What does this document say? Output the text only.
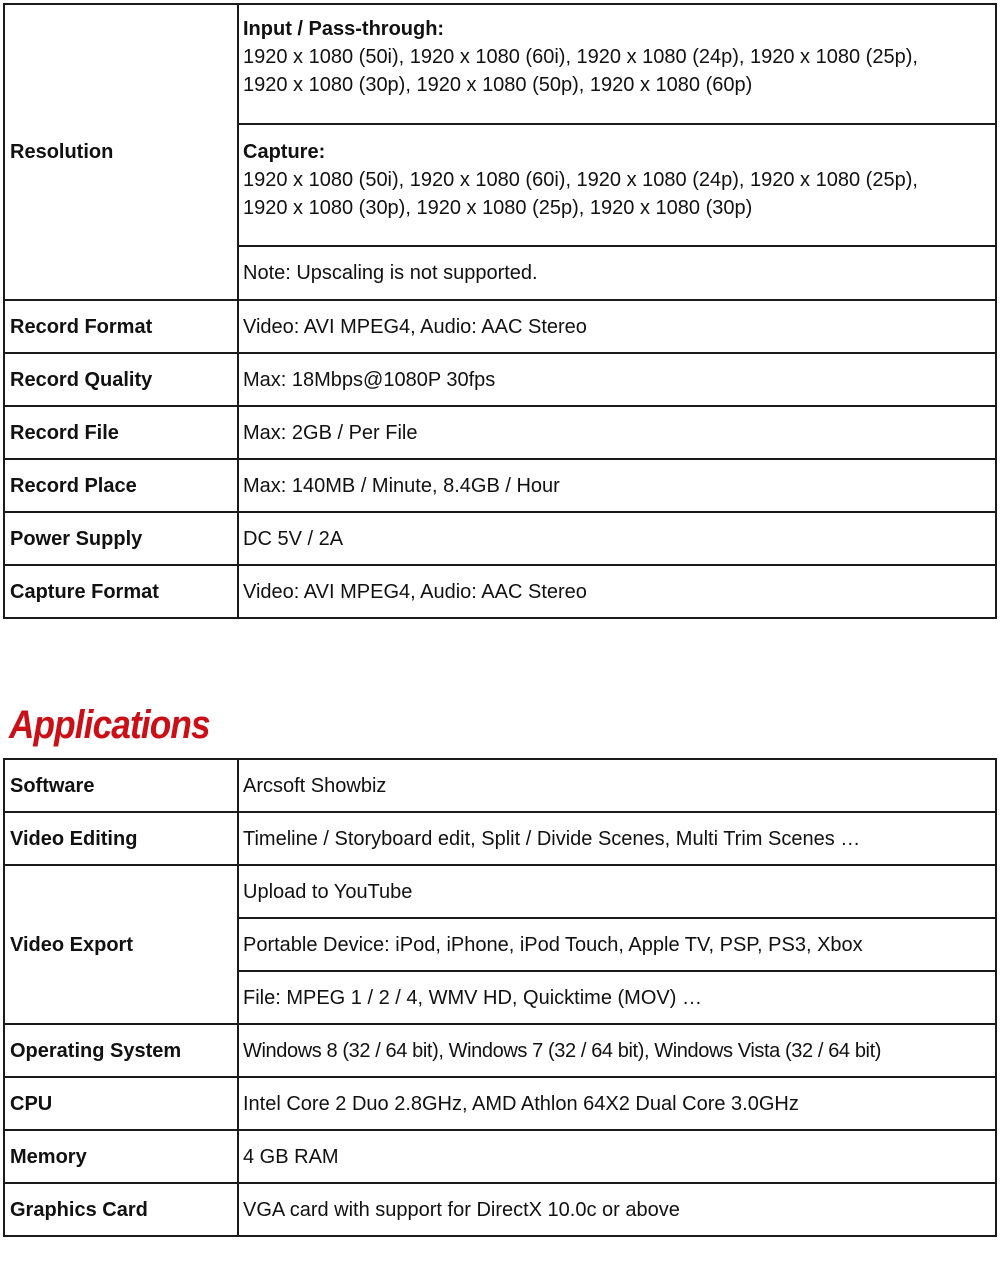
Resolution	Input / Pass-through:
1920 x 1080 (50i), 1920 x 1080 (60i), 1920 x 1080 (24p), 1920 x 1080 (25p),
1920 x 1080 (30p), 1920 x 1080 (50p), 1920 x 1080 (60p)

	Capture:
1920 x 1080 (50i), 1920 x 1080 (60i), 1920 x 1080 (24p), 1920 x 1080 (25p),
1920 x 1080 (30p), 1920 x 1080 (25p), 1920 x 1080 (30p)

	Note: Upscaling is not supported.
Record Format	Video: AVI MPEG4, Audio: AAC Stereo
Record Quality	Max: 18Mbps@1080P 30fps
Record File	Max: 2GB / Per File
Record Place	Max: 140MB / Minute, 8.4GB / Hour
Power Supply	DC 5V / 2A
Capture Format	Video: AVI MPEG4, Audio: AAC Stereo
Applications
Software	Arcsoft Showbiz
Video Editing	Timeline / Storyboard edit, Split / Divide Scenes, Multi Trim Scenes …
Video Export	Upload to YouTube
	Portable Device: iPod, iPhone, iPod Touch, Apple TV, PSP, PS3, Xbox
	File: MPEG 1 / 2 / 4, WMV HD, Quicktime (MOV) …
Operating System	Windows 8 (32 / 64 bit), Windows 7 (32 / 64 bit), Windows Vista (32 / 64 bit)
CPU	Intel Core 2 Duo 2.8GHz, AMD Athlon 64X2 Dual Core 3.0GHz
Memory	4 GB RAM
Graphics Card	VGA card with support for DirectX 10.0c or above
